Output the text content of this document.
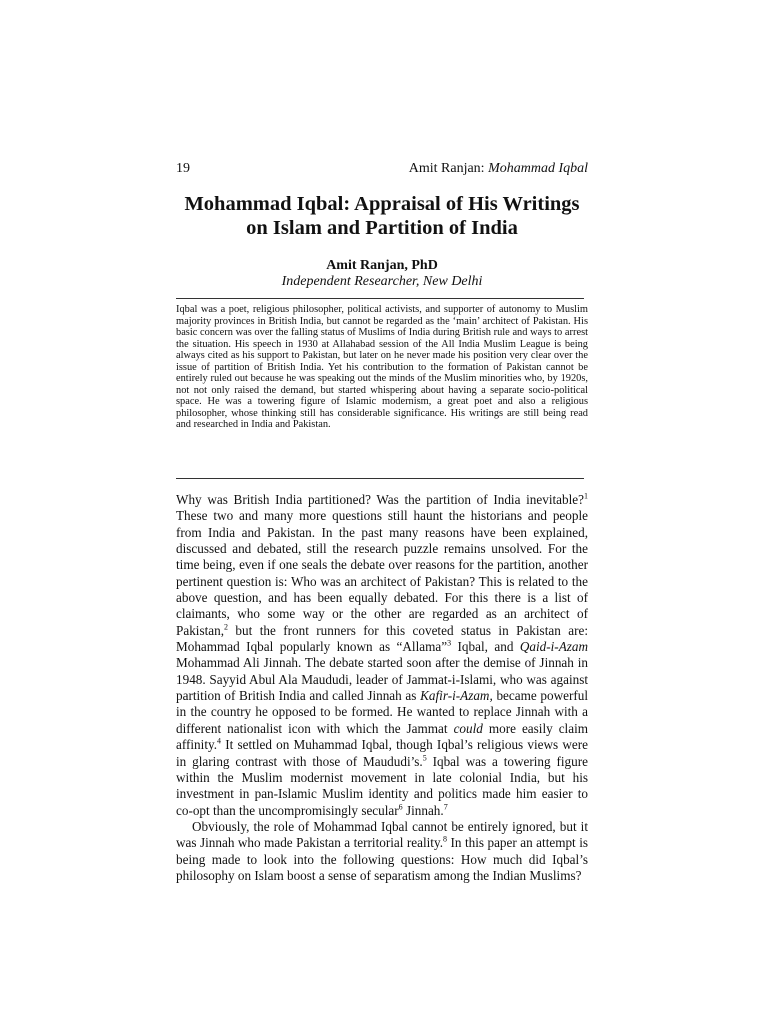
19	Amit Ranjan: Mohammad Iqbal
Mohammad Iqbal: Appraisal of His Writings
on Islam and Partition of India
Amit Ranjan, PhD
Independent Researcher, New Delhi

Iqbal was a poet, religious philosopher, political activists, and supporter of autonomy to Muslim majority provinces in British India, but cannot be regarded as the ‘main’ architect of Pakistan. His basic concern was over the falling status of Muslims of India during British rule and ways to arrest the situation. His speech in 1930 at Allahabad session of the All India Muslim League is being always cited as his support to Pakistan, but later on he never made his position very clear over the issue of partition of British India. Yet his contribution to the formation of Pakistan cannot be entirely ruled out because he was speaking out the minds of the Muslim minorities who, by 1920s, not not only raised the demand, but started whispering about having a separate socio-political space. He was a towering figure of Islamic modernism, a great poet and also a religious philosopher, whose thinking still has considerable significance. His writings are still being read and researched in India and Pakistan.

Why was British India partitioned? Was the partition of India inevitable?$^1$ These two and many more questions still haunt the historians and people from India and Pakistan. In the past many reasons have been explained, discussed and debated, still the research puzzle remains unsolved. For the time being, even if one seals the debate over reasons for the partition, another pertinent question is: Who was an architect of Pakistan? This is related to the above question, and has been equally debated. For this there is a list of claimants, who some way or the other are regarded as an architect of Pakistan,$^2$ but the front runners for this coveted status in Pakistan are: Mohammad Iqbal popularly known as “Allama”$^3$ Iqbal, and Qaid-i-Azam Mohammad Ali Jinnah. The debate started soon after the demise of Jinnah in 1948. Sayyid Abul Ala Maududi, leader of Jammat-i-Islami, who was against partition of British India and called Jinnah as Kafir-i-Azam, became powerful in the country he opposed to be formed. He wanted to replace Jinnah with a different nationalist icon with which the Jammat could more easily claim affinity.$^4$ It settled on Muhammad Iqbal, though Iqbal’s religious views were in glaring contrast with those of Maududi’s.$^5$ Iqbal was a towering figure within the Muslim modernist movement in late colonial India, but his investment in pan-Islamic Muslim identity and politics made him easier to co-opt than the uncompromisingly secular$^6$ Jinnah.$^7$

Obviously, the role of Mohammad Iqbal cannot be entirely ignored, but it was Jinnah who made Pakistan a territorial reality.$^8$ In this paper an attempt is being made to look into the following questions: How much did Iqbal’s philosophy on Islam boost a sense of separatism among the Indian Muslims?
